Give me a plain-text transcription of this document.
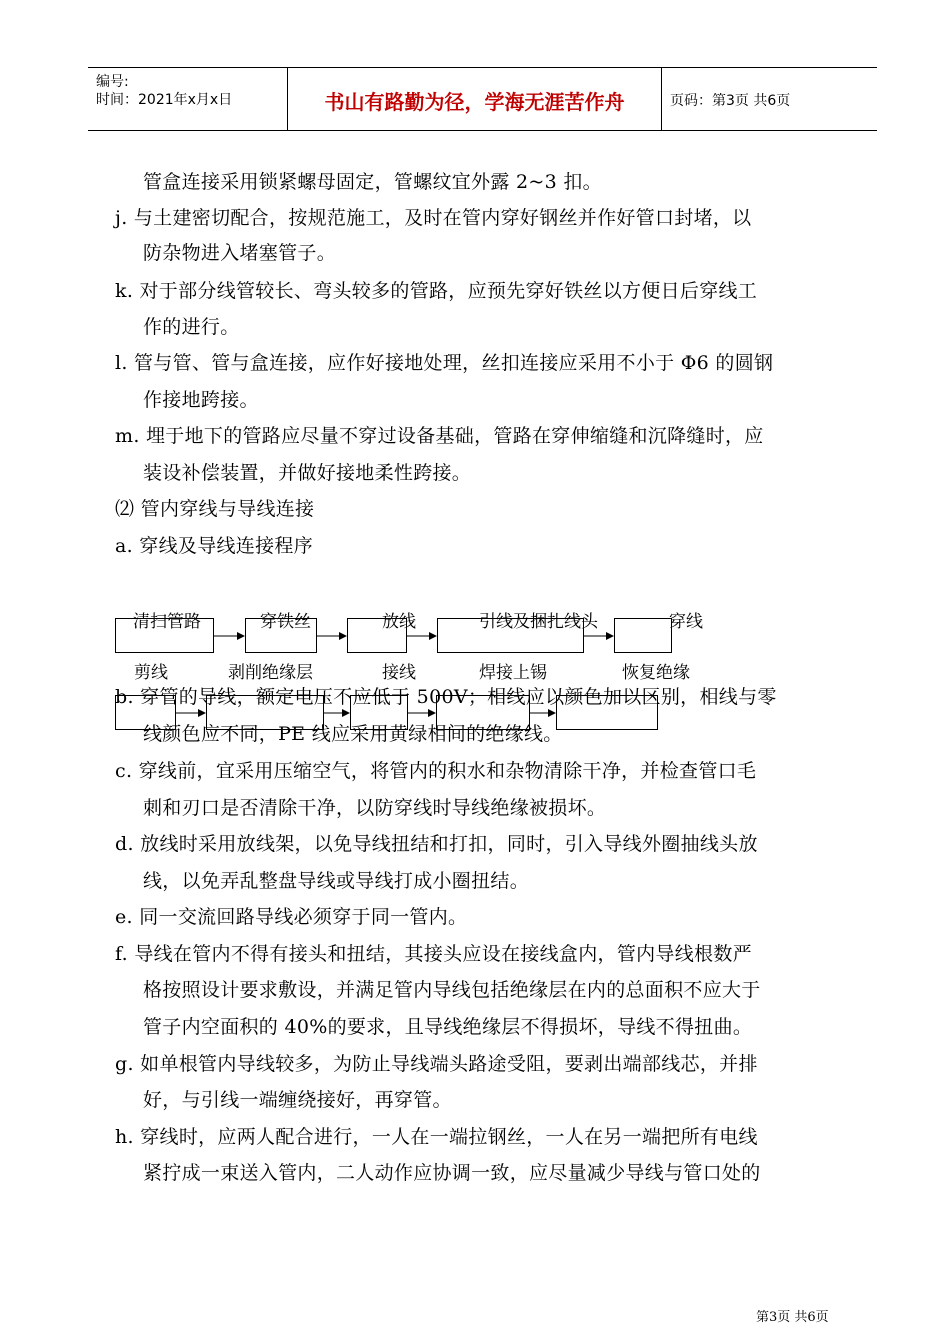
编号:
时间：2021年x月x日	书山有路勤为径，学海无涯苦作舟	页码：第3页 共6页
管盒连接采用锁紧螺母固定，管螺纹宜外露 2~3 扣。
j. 与土建密切配合，按规范施工，及时在管内穿好钢丝并作好管口封堵，以
防杂物进入堵塞管子。
k. 对于部分线管较长、弯头较多的管路，应预先穿好铁丝以方便日后穿线工
作的进行。
l. 管与管、管与盒连接，应作好接地处理，丝扣连接应采用不小于 Φ6 的圆钢
作接地跨接。
m. 埋于地下的管路应尽量不穿过设备基础，管路在穿伸缩缝和沉降缝时，应
装设补偿装置，并做好接地柔性跨接。
⑵ 管内穿线与导线连接
a. 穿线及导线连接程序
清扫管路	穿铁丝	放线	引线及捆扎线头	穿线
剪线	剥削绝缘层	接线	焊接上锡	恢复绝缘
b. 穿管的导线，额定电压不应低于 500V；相线应以颜色加以区别，相线与零
线颜色应不同，PE 线应采用黄绿相间的绝缘线。
c. 穿线前，宜采用压缩空气，将管内的积水和杂物清除干净，并检查管口毛
刺和刃口是否清除干净，以防穿线时导线绝缘被损坏。
d. 放线时采用放线架，以免导线扭结和打扣，同时，引入导线外圈抽线头放
线，以免弄乱整盘导线或导线打成小圈扭结。
e. 同一交流回路导线必须穿于同一管内。
f. 导线在管内不得有接头和扭结，其接头应设在接线盒内，管内导线根数严
格按照设计要求敷设，并满足管内导线包括绝缘层在内的总面积不应大于
管子内空面积的 40%的要求，且导线绝缘层不得损坏，导线不得扭曲。
g. 如单根管内导线较多，为防止导线端头路途受阻，要剥出端部线芯，并排
好，与引线一端缠绕接好，再穿管。
h. 穿线时，应两人配合进行，一人在一端拉钢丝，一人在另一端把所有电线
紧拧成一束送入管内，二人动作应协调一致，应尽量减少导线与管口处的
第3页 共6页
